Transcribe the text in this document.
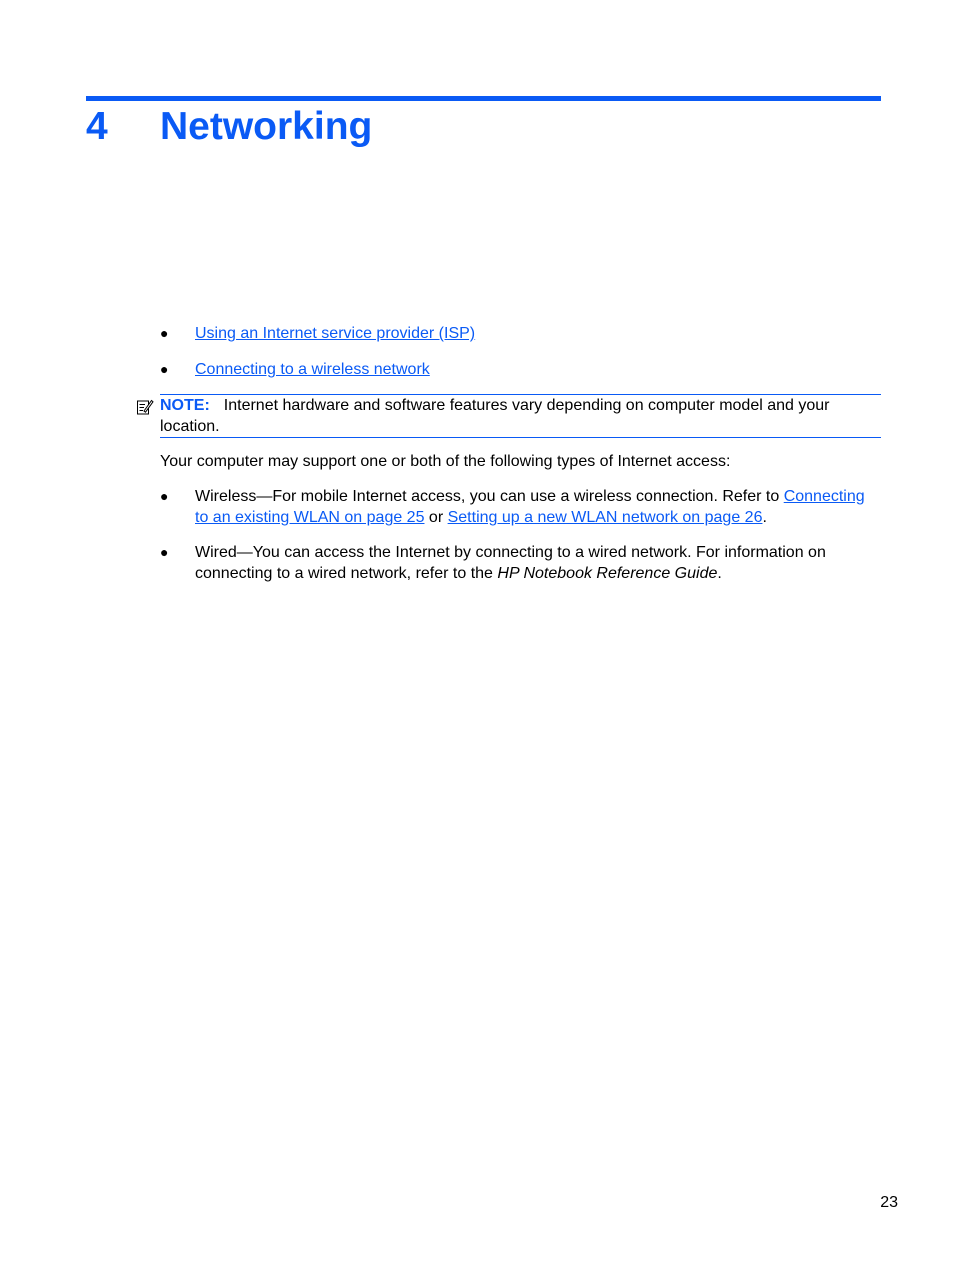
4 Networking
● Using an Internet service provider (ISP)
● Connecting to a wireless network
NOTE: Internet hardware and software features vary depending on computer model and your location.
Your computer may support one or both of the following types of Internet access:
● Wireless—For mobile Internet access, you can use a wireless connection. Refer to Connecting to an existing WLAN on page 25 or Setting up a new WLAN network on page 26.
● Wired—You can access the Internet by connecting to a wired network. For information on connecting to a wired network, refer to the HP Notebook Reference Guide.
23
